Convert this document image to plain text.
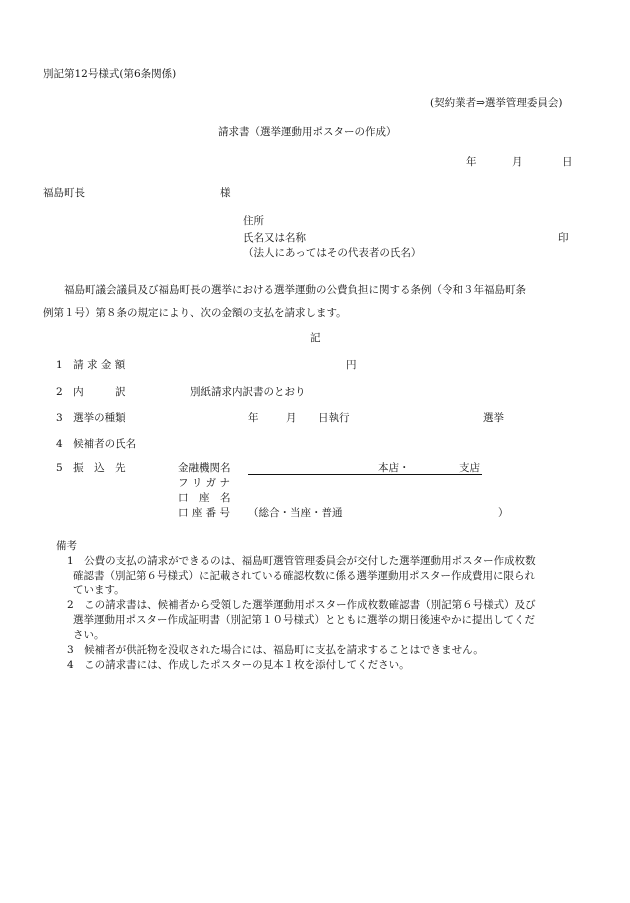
別記第12号様式(第6条関係)
(契約業者⇒選挙管理委員会)
請求書（選挙運動用ポスターの作成）
年	月	日
福島町長	様
住所
氏名又は名称	印
（法人にあってはその代表者の氏名）
福島町議会議員及び福島町長の選挙における選挙運動の公費負担に関する条例（令和３年福島町条
例第１号）第８条の規定により、次の金額の支払を請求します。
記
1　請 求 金 額	円
2　内　　　訳	別紙請求内訳書のとおり
3　選挙の種類	年	月 日執行	選挙
4　候補者の氏名
5　振　込　先	金融機関名	本店・	支店
フ リ ガ ナ
口　座　名
口 座 番 号 （総合・当座・普通	）
備考
1　公費の支払の請求ができるのは、福島町選管管理委員会が交付した選挙運動用ポスター作成枚数
確認書（別記第６号様式）に記載されている確認枚数に係る選挙運動用ポスター作成費用に限られ
ています。
2　この請求書は、候補者から受領した選挙運動用ポスター作成枚数確認書（別記第６号様式）及び
選挙運動用ポスター作成証明書（別記第１０号様式）とともに選挙の期日後速やかに提出してくだ
さい。
3　候補者が供託物を没収された場合には、福島町に支払を請求することはできません。
4　この請求書には、作成したポスターの見本１枚を添付してください。
